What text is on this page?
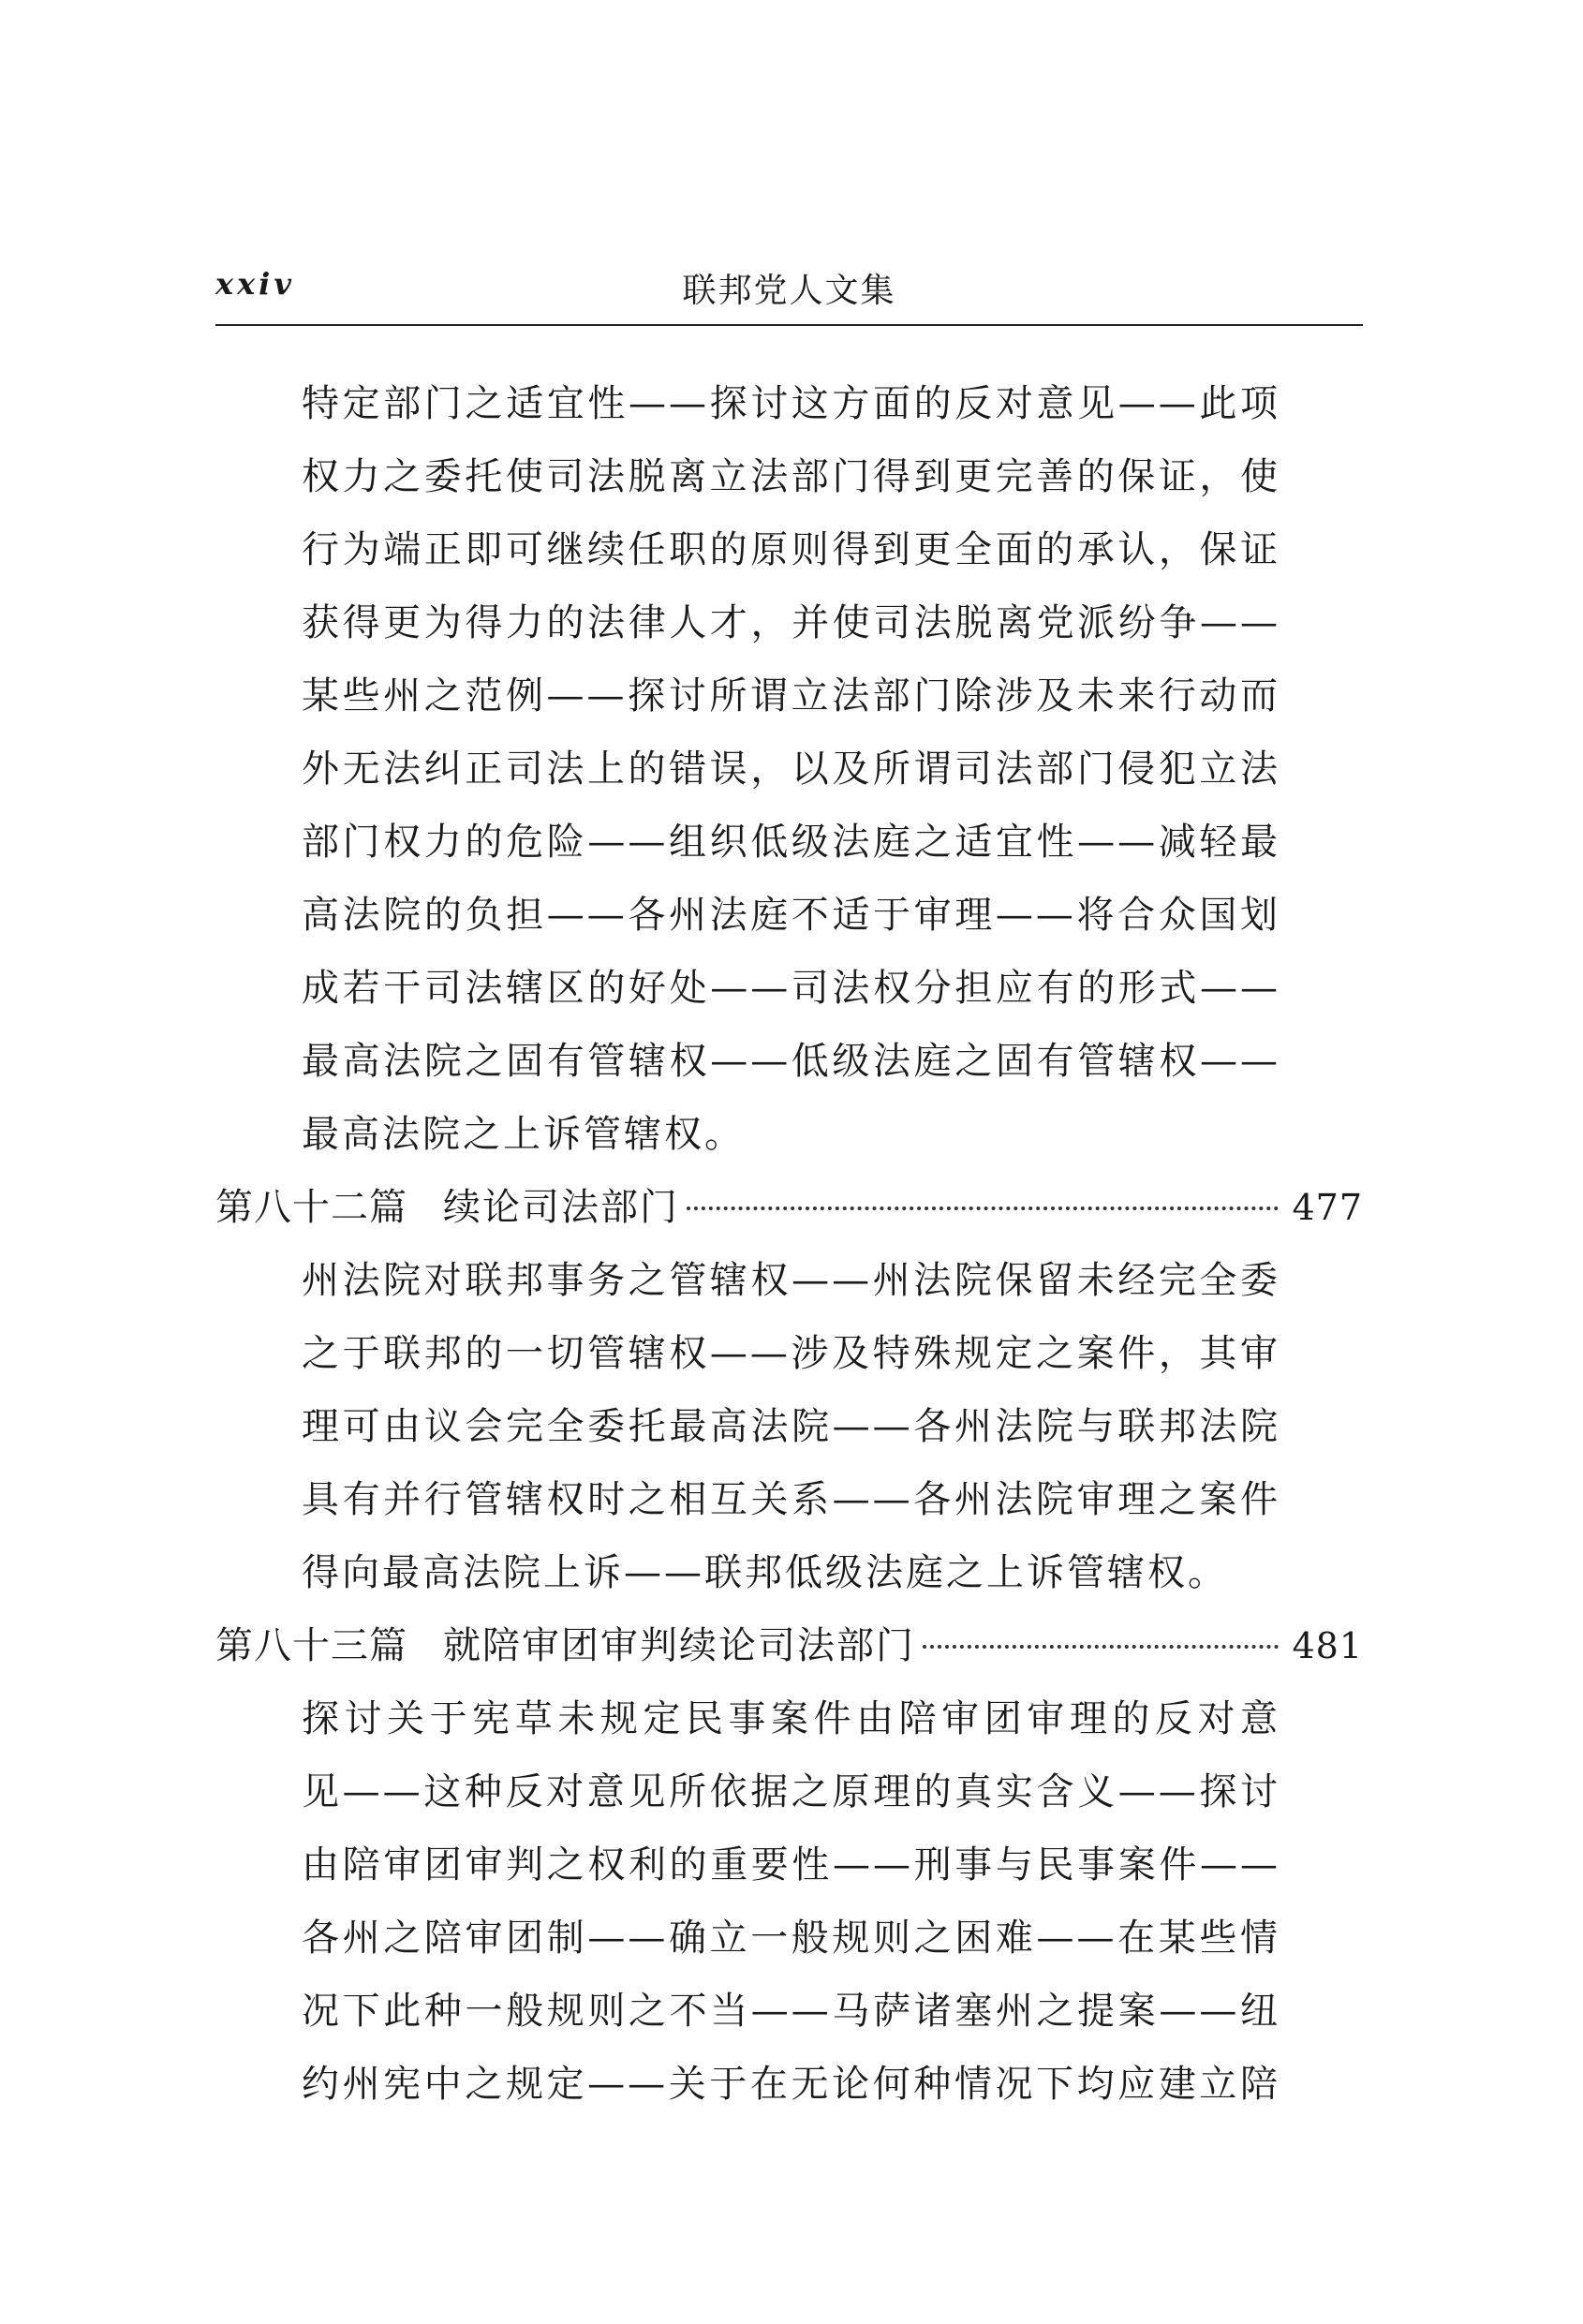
xxiv	联邦党人文集
特定部门之适宜性——探讨这方面的反对意见——此项
权力之委托使司法脱离立法部门得到更完善的保证，使
行为端正即可继续任职的原则得到更全面的承认，保证
获得更为得力的法律人才，并使司法脱离党派纷争——
某些州之范例——探讨所谓立法部门除涉及未来行动而
外无法纠正司法上的错误，以及所谓司法部门侵犯立法
部门权力的危险——组织低级法庭之适宜性——减轻最
高法院的负担——各州法庭不适于审理——将合众国划
成若干司法辖区的好处——司法权分担应有的形式——
最高法院之固有管辖权——低级法庭之固有管辖权——
最高法院之上诉管辖权。
第八十二篇 续论司法部门	477
州法院对联邦事务之管辖权——州法院保留未经完全委
之于联邦的一切管辖权——涉及特殊规定之案件，其审
理可由议会完全委托最高法院——各州法院与联邦法院
具有并行管辖权时之相互关系——各州法院审理之案件
得向最高法院上诉——联邦低级法庭之上诉管辖权。
第八十三篇 就陪审团审判续论司法部门	481
探讨关于宪草未规定民事案件由陪审团审理的反对意
见——这种反对意见所依据之原理的真实含义——探讨
由陪审团审判之权利的重要性——刑事与民事案件——
各州之陪审团制——确立一般规则之困难——在某些情
况下此种一般规则之不当——马萨诸塞州之提案——纽
约州宪中之规定——关于在无论何种情况下均应建立陪
